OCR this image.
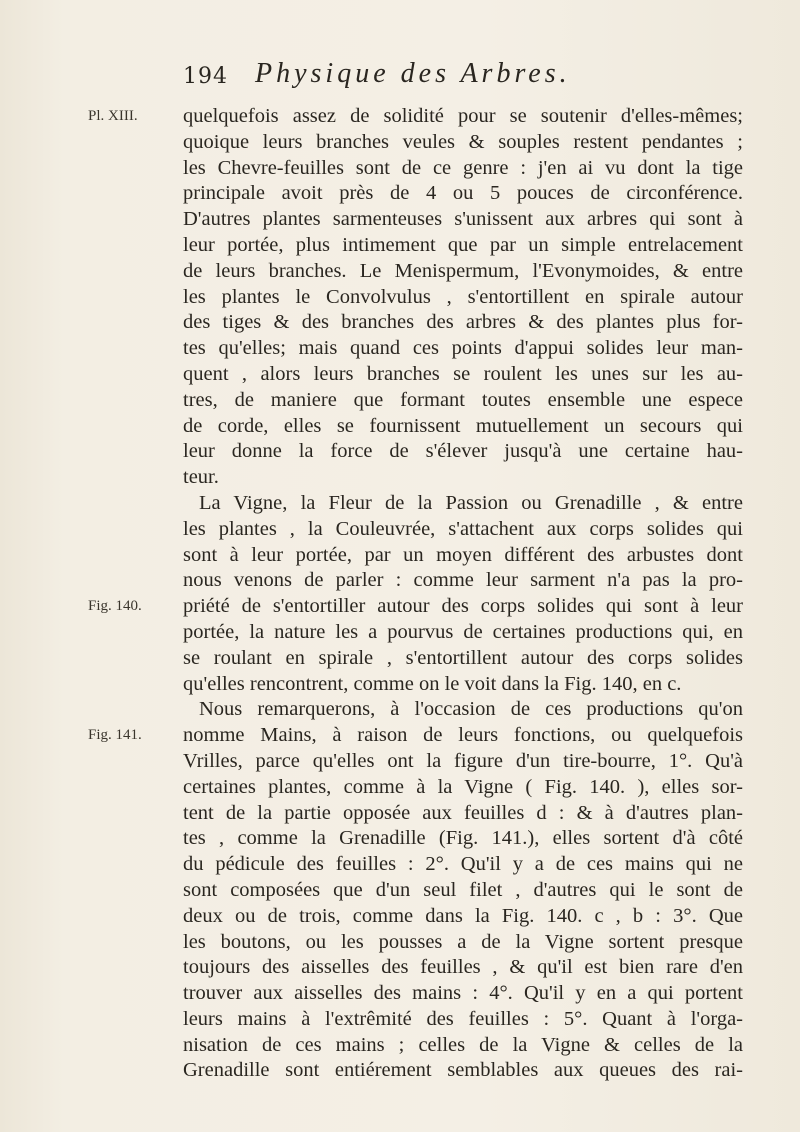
194 Physique des Arbres.
Pl. XIII.
Fig. 140.
Fig. 141.
quelquefois assez de solidité pour se soutenir d'elles-mêmes;
quoique leurs branches veules & souples restent pendantes ;
les Chevre-feuilles sont de ce genre : j'en ai vu dont la tige
principale avoit près de 4 ou 5 pouces de circonférence.
D'autres plantes sarmenteuses s'unissent aux arbres qui sont à
leur portée, plus intimement que par un simple entrelacement
de leurs branches. Le Menispermum, l'Evonymoides, & entre
les plantes le Convolvulus , s'entortillent en spirale autour
des tiges & des branches des arbres & des plantes plus for-
tes qu'elles; mais quand ces points d'appui solides leur man-
quent , alors leurs branches se roulent les unes sur les au-
tres, de maniere que formant toutes ensemble une espece
de corde, elles se fournissent mutuellement un secours qui
leur donne la force de s'élever jusqu'à une certaine hau-
teur.
La Vigne, la Fleur de la Passion ou Grenadille , & entre
les plantes , la Couleuvrée, s'attachent aux corps solides qui
sont à leur portée, par un moyen différent des arbustes dont
nous venons de parler : comme leur sarment n'a pas la pro-
priété de s'entortiller autour des corps solides qui sont à leur
portée, la nature les a pourvus de certaines productions qui, en
se roulant en spirale , s'entortillent autour des corps solides
qu'elles rencontrent, comme on le voit dans la Fig. 140, en c.
Nous remarquerons, à l'occasion de ces productions qu'on
nomme Mains, à raison de leurs fonctions, ou quelquefois
Vrilles, parce qu'elles ont la figure d'un tire-bourre, 1°. Qu'à
certaines plantes, comme à la Vigne ( Fig. 140. ), elles sor-
tent de la partie opposée aux feuilles d : & à d'autres plan-
tes , comme la Grenadille (Fig. 141.), elles sortent d'à côté
du pédicule des feuilles : 2°. Qu'il y a de ces mains qui ne
sont composées que d'un seul filet , d'autres qui le sont de
deux ou de trois, comme dans la Fig. 140. c , b : 3°. Que
les boutons, ou les pousses a de la Vigne sortent presque
toujours des aisselles des feuilles , & qu'il est bien rare d'en
trouver aux aisselles des mains : 4°. Qu'il y en a qui portent
leurs mains à l'extrêmité des feuilles : 5°. Quant à l'orga-
nisation de ces mains ; celles de la Vigne & celles de la
Grenadille sont entiérement semblables aux queues des rai-
